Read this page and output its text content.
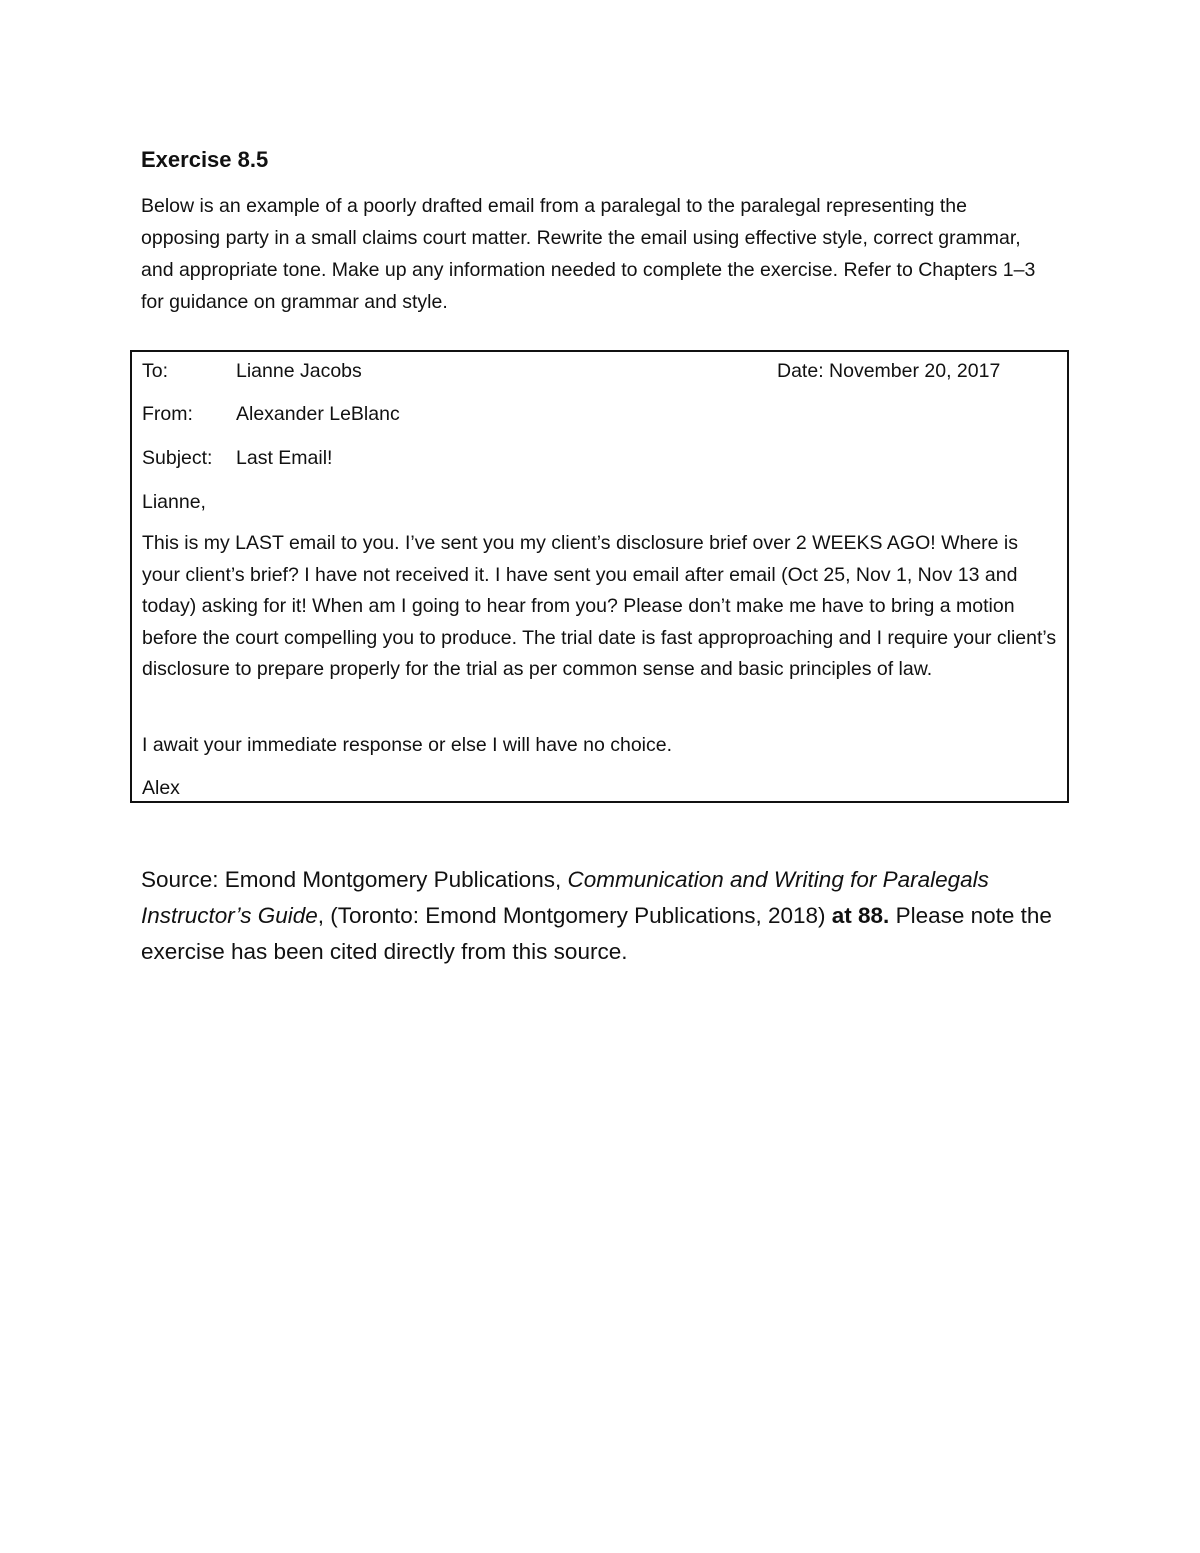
Exercise 8.5

Below is an example of a poorly drafted email from a paralegal to the paralegal representing the opposing party in a small claims court matter. Rewrite the email using effective style, correct grammar, and appropriate tone. Make up any information needed to complete the exercise. Refer to Chapters 1–3 for guidance on grammar and style.

To:	Lianne Jacobs	Date: November 20, 2017
From: Alexander LeBlanc
Subject: Last Email!

Lianne,

This is my LAST email to you. I’ve sent you my client’s disclosure brief over 2 WEEKS AGO! Where is your client’s brief? I have not received it. I have sent you email after email (Oct 25, Nov 1, Nov 13 and today) asking for it! When am I going to hear from you? Please don’t make me have to bring a motion before the court compelling you to produce. The trial date is fast approproaching and I require your client’s disclosure to prepare properly for the trial as per common sense and basic principles of law.

I await your immediate response or else I will have no choice.

Alex

Source: Emond Montgomery Publications, Communication and Writing for Paralegals Instructor’s Guide, (Toronto: Emond Montgomery Publications, 2018) at 88. Please note the exercise has been cited directly from this source.
